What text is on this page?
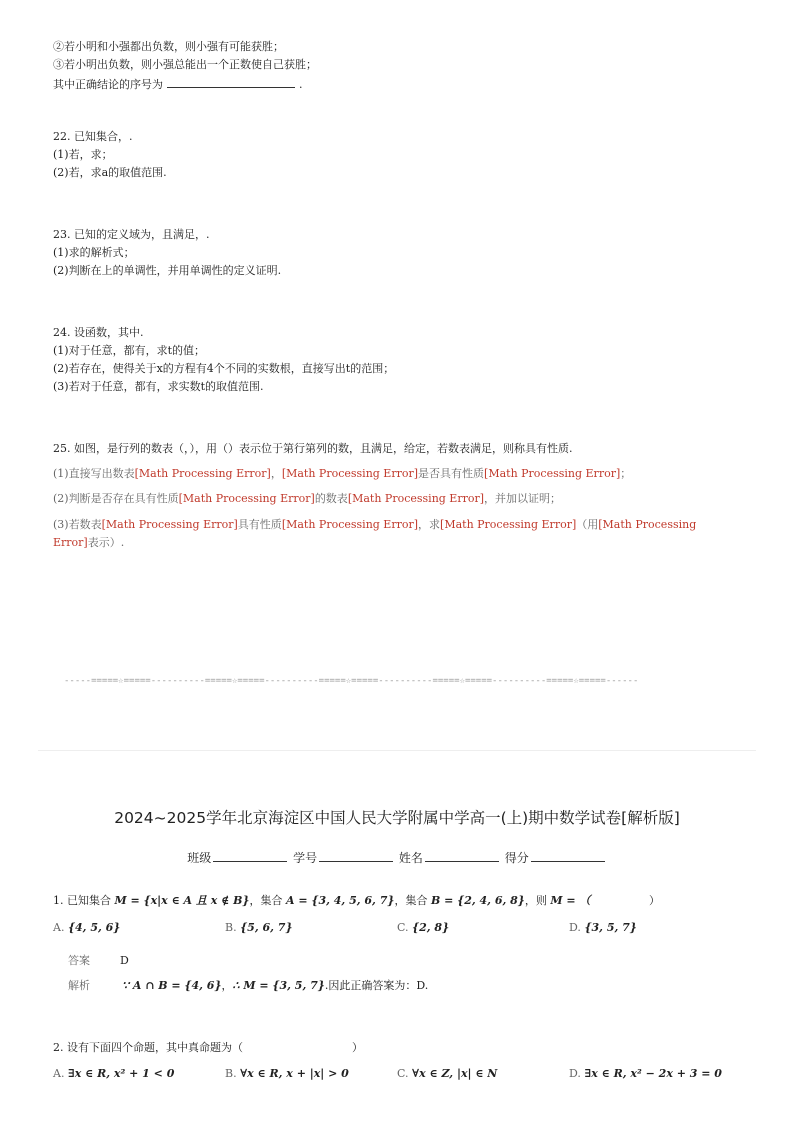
②若小明和小强都出负数，则小强有可能获胜；
③若小明出负数，则小强总能出一个正数使自己获胜；
其中正确结论的序号为	.
22. 已知集合，.
(1)若，求；
(2)若，求a的取值范围.
23. 已知的定义域为，且满足，.
(1)求的解析式；
(2)判断在上的单调性，并用单调性的定义证明.
24. 设函数，其中.
(1)对于任意，都有，求t的值；
(2)若存在，使得关于x的方程有4个不同的实数根，直接写出t的范围；
(3)若对于任意，都有，求实数t的取值范围.
25. 如图，是行列的数表（，），用（）表示位于第行第列的数，且满足，给定，若数表满足，则称具有性质.
(1)直接写出数表[Math Processing Error]，[Math Processing Error]是否具有性质[Math Processing Error]；
(2)判断是否存在具有性质[Math Processing Error]的数表[Math Processing Error]，并加以证明；
(3)若数表[Math Processing Error]具有性质[Math Processing Error]，求[Math Processing Error]（用[Math Processing
Error]表示）.
-----=====☆=====----------=====☆=====----------=====☆=====----------=====☆=====----------=====☆=====------
2024~2025学年北京海淀区中国人民大学附属中学高一(上)期中数学试卷[解析版]
班级	学号	姓名	得分
1. 已知集合 M = {x|x ∈ A 且 x ∉ B}，集合 A = {3, 4, 5, 6, 7}，集合 B = {2, 4, 6, 8}，则 M = （	）
A. {4, 5, 6}	B. {5, 6, 7}	C. {2, 8}	D. {3, 5, 7}
答案	D
解析	∵ A ∩ B = {4, 6}，∴ M = {3, 5, 7}.因此正确答案为：D.
2. 设有下面四个命题，其中真命题为（	）
A. ∃x ∈ R, x² + 1 < 0	B. ∀x ∈ R, x + |x| > 0	C. ∀x ∈ Z, |x| ∈ N	D. ∃x ∈ R, x² − 2x + 3 = 0
